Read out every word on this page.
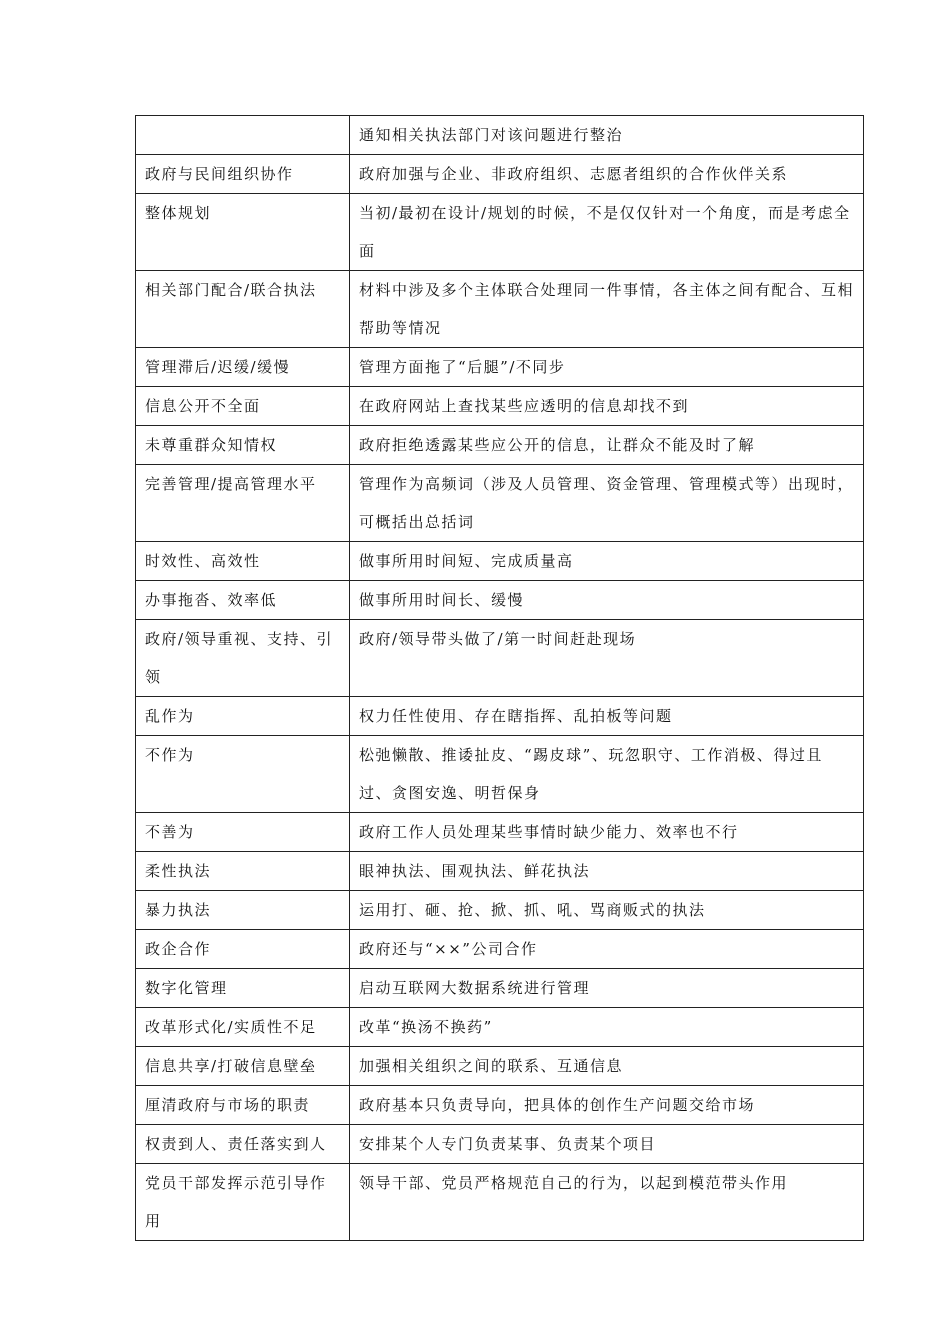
	通知相关执法部门对该问题进行整治

政府与民间组织协作	政府加强与企业、非政府组织、志愿者组织的合作伙伴关系

整体规划	当初/最初在设计/规划的时候，不是仅仅针对一个角度，而是考虑全面

相关部门配合/联合执法	材料中涉及多个主体联合处理同一件事情，各主体之间有配合、互相帮助等情况

管理滞后/迟缓/缓慢	管理方面拖了“后腿”/不同步

信息公开不全面	在政府网站上查找某些应透明的信息却找不到

未尊重群众知情权	政府拒绝透露某些应公开的信息，让群众不能及时了解

完善管理/提高管理水平	管理作为高频词（涉及人员管理、资金管理、管理模式等）出现时，可概括出总括词

时效性、高效性	做事所用时间短、完成质量高

办事拖沓、效率低	做事所用时间长、缓慢

政府/领导重视、支持、引领	政府/领导带头做了/第一时间赶赴现场

乱作为	权力任性使用、存在瞎指挥、乱拍板等问题

不作为	松弛懒散、推诿扯皮、“踢皮球”、玩忽职守、工作消极、得过且过、贪图安逸、明哲保身

不善为	政府工作人员处理某些事情时缺少能力、效率也不行

柔性执法	眼神执法、围观执法、鲜花执法

暴力执法	运用打、砸、抢、掀、抓、吼、骂商贩式的执法

政企合作	政府还与“××”公司合作

数字化管理	启动互联网大数据系统进行管理

改革形式化/实质性不足	改革“换汤不换药”

信息共享/打破信息壁垒	加强相关组织之间的联系、互通信息

厘清政府与市场的职责	政府基本只负责导向，把具体的创作生产问题交给市场

权责到人、责任落实到人	安排某个人专门负责某事、负责某个项目

党员干部发挥示范引导作用	领导干部、党员严格规范自己的行为，以起到模范带头作用
